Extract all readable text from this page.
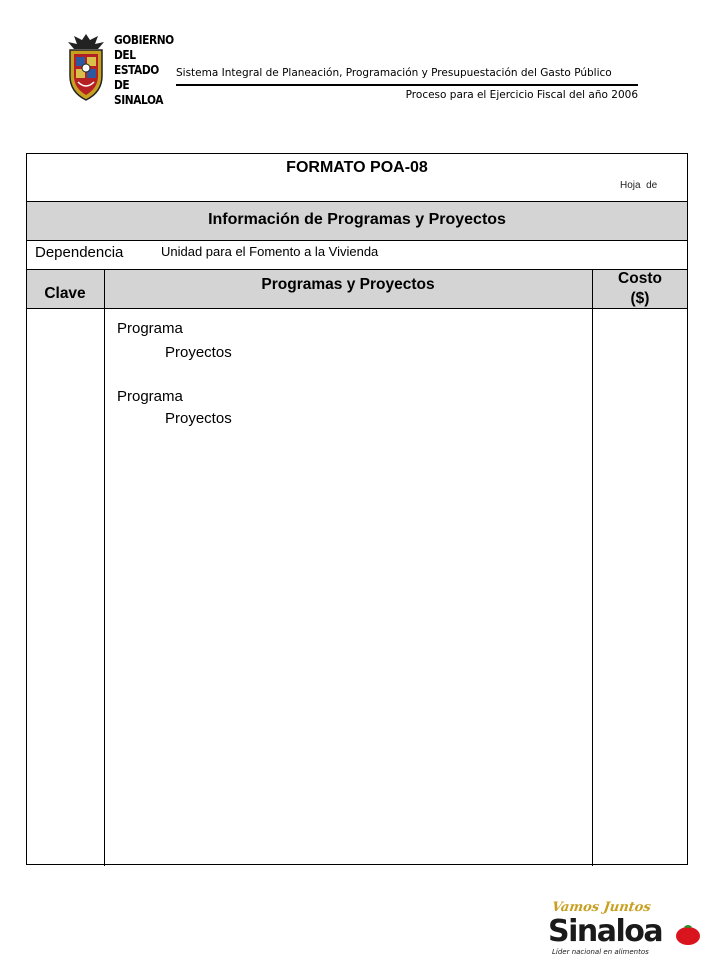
GOBIERNO
DEL ESTADO
DE SINALOA
Sistema Integral de Planeación, Programación y Presupuestación del Gasto Público
Proceso para el Ejercicio Fiscal del año 2006
FORMATO POA-08
Hoja  de
Información de Programas y Proyectos
Dependencia	Unidad para el Fomento a la Vivienda
Clave
Programas y Proyectos	Costo
($)
Programa
Proyectos
Programa
Proyectos
Vamos Juntos
Sinaloa
Líder nacional en alimentos
